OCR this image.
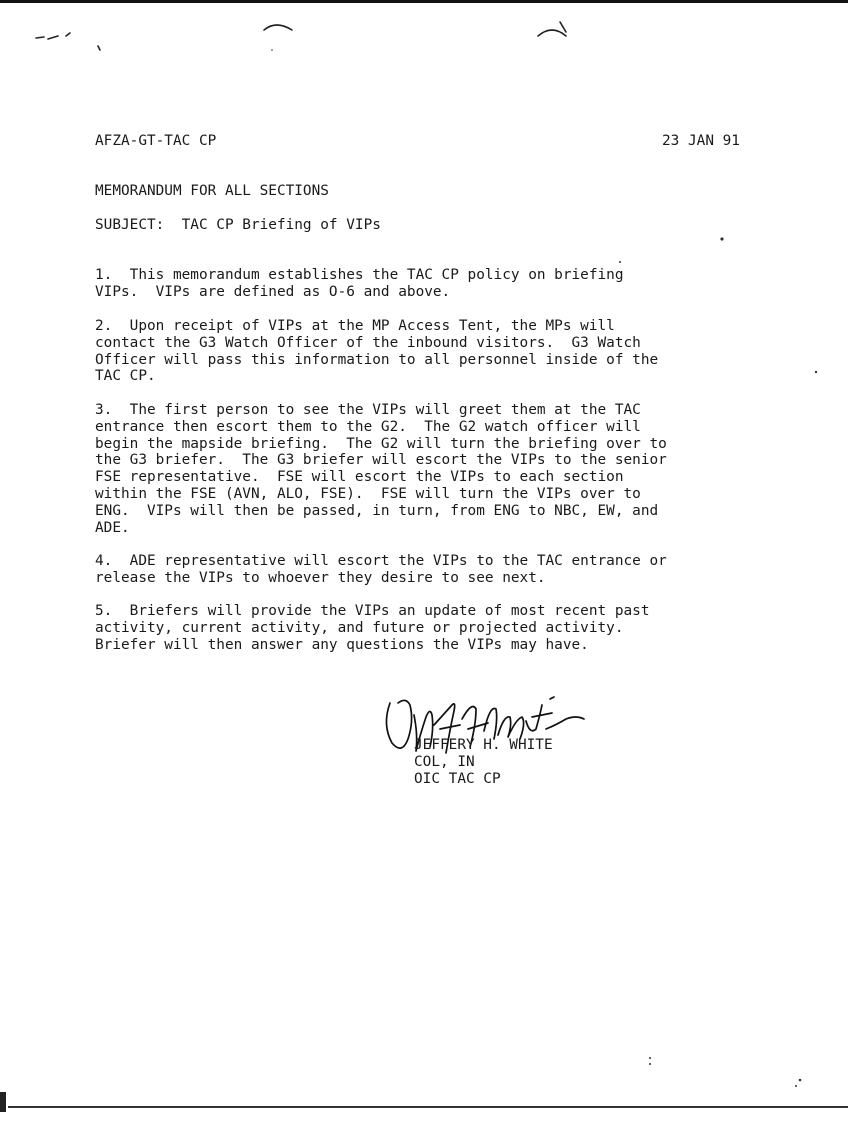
AFZA-GT-TAC CP	23 JAN 91
MEMORANDUM FOR ALL SECTIONS
SUBJECT: TAC CP Briefing of VIPs
1.  This memorandum establishes the TAC CP policy on briefing
VIPs.  VIPs are defined as O-6 and above.
2.  Upon receipt of VIPs at the MP Access Tent, the MPs will
contact the G3 Watch Officer of the inbound visitors.  G3 Watch
Officer will pass this information to all personnel inside of the
TAC CP.
3.  The first person to see the VIPs will greet them at the TAC
entrance then escort them to the G2.  The G2 watch officer will
begin the mapside briefing.  The G2 will turn the briefing over to
the G3 briefer.  The G3 briefer will escort the VIPs to the senior
FSE representative.  FSE will escort the VIPs to each section
within the FSE (AVN, ALO, FSE).  FSE will turn the VIPs over to
ENG.  VIPs will then be passed, in turn, from ENG to NBC, EW, and
ADE.
4.  ADE representative will escort the VIPs to the TAC entrance or
release the VIPs to whoever they desire to see next.
5.  Briefers will provide the VIPs an update of most recent past
activity, current activity, and future or projected activity.
Briefer will then answer any questions the VIPs may have.
JEFFERY H. WHITE
COL, IN
OIC TAC CP
